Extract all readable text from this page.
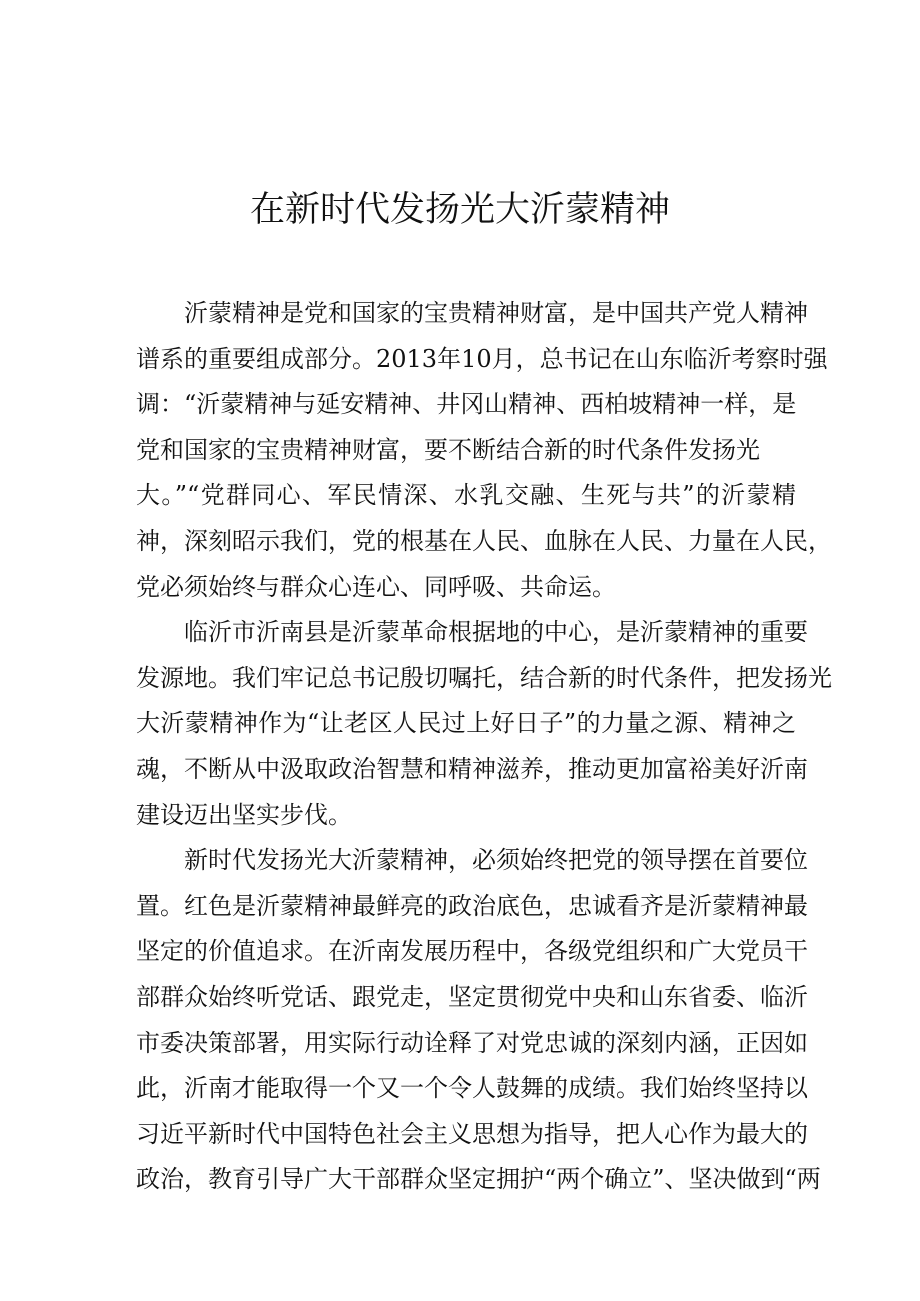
在新时代发扬光大沂蒙精神
沂蒙精神是党和国家的宝贵精神财富，是中国共产党人精神
谱系的重要组成部分。2013年10月，总书记在山东临沂考察时强
调：“沂蒙精神与延安精神、井冈山精神、西柏坡精神一样，是
党和国家的宝贵精神财富，要不断结合新的时代条件发扬光
大。”“党群同心、军民情深、水乳交融、生死与共”的沂蒙精
神，深刻昭示我们，党的根基在人民、血脉在人民、力量在人民，
党必须始终与群众心连心、同呼吸、共命运。
临沂市沂南县是沂蒙革命根据地的中心，是沂蒙精神的重要
发源地。我们牢记总书记殷切嘱托，结合新的时代条件，把发扬光
大沂蒙精神作为“让老区人民过上好日子”的力量之源、精神之
魂，不断从中汲取政治智慧和精神滋养，推动更加富裕美好沂南
建设迈出坚实步伐。
新时代发扬光大沂蒙精神，必须始终把党的领导摆在首要位
置。红色是沂蒙精神最鲜亮的政治底色，忠诚看齐是沂蒙精神最
坚定的价值追求。在沂南发展历程中，各级党组织和广大党员干
部群众始终听党话、跟党走，坚定贯彻党中央和山东省委、临沂
市委决策部署，用实际行动诠释了对党忠诚的深刻内涵，正因如
此，沂南才能取得一个又一个令人鼓舞的成绩。我们始终坚持以
习近平新时代中国特色社会主义思想为指导，把人心作为最大的
政治，教育引导广大干部群众坚定拥护“两个确立”、坚决做到“两
